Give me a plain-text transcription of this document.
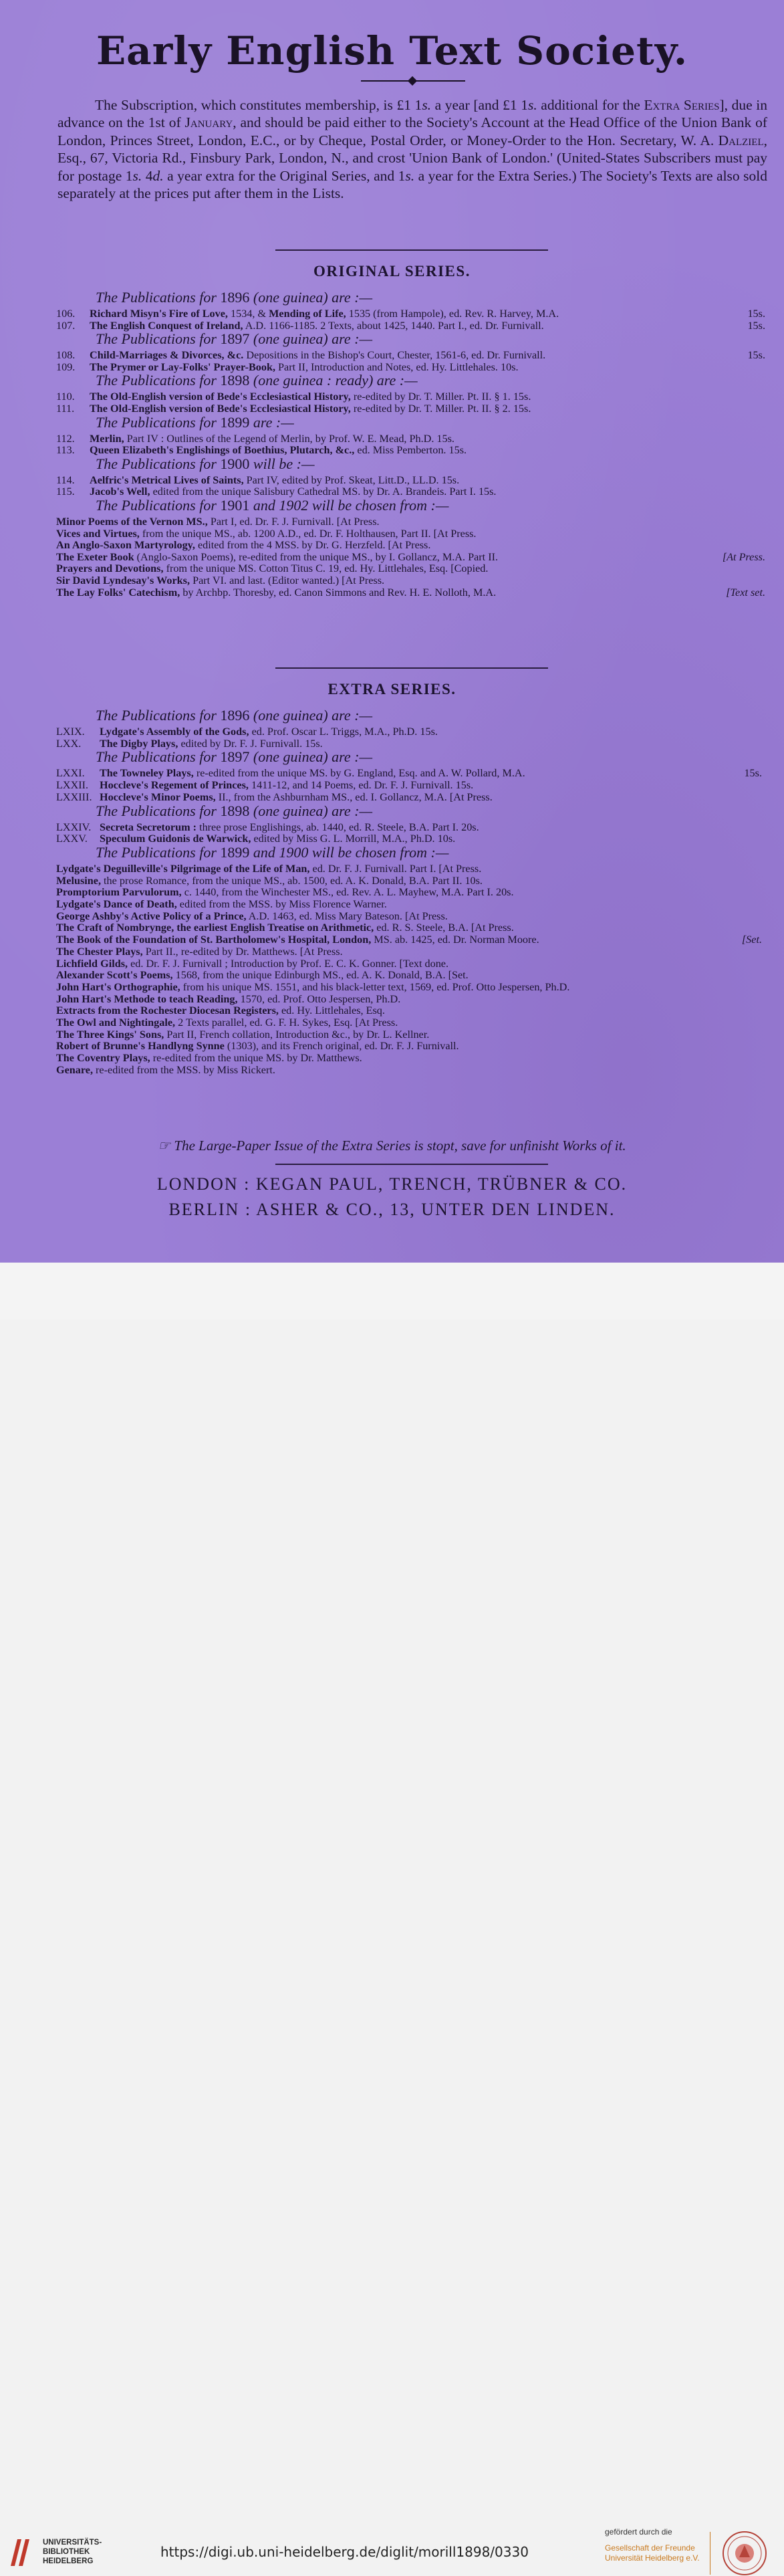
Early English Text Society.
The Subscription, which constitutes membership, is £1 1s. a year [and £1 1s. additional for the Extra Series], due in advance on the 1st of January, and should be paid either to the Society's Account at the Head Office of the Union Bank of London, Princes Street, London, E.C., or by Cheque, Postal Order, or Money-Order to the Hon. Secretary, W. A. Dalziel, Esq., 67, Victoria Rd., Finsbury Park, London, N., and crost 'Union Bank of London.' (United-States Subscribers must pay for postage 1s. 4d. a year extra for the Original Series, and 1s. a year for the Extra Series.) The Society's Texts are also sold separately at the prices put after them in the Lists.
ORIGINAL SERIES.
The Publications for 1896 (one guinea) are :—
106. Richard Misyn's Fire of Love, 1534, & Mending of Life, 1535 (from Hampole), ed. Rev. R. Harvey, M.A.	15s.
107. The English Conquest of Ireland, A.D. 1166-1185. 2 Texts, about 1425, 1440. Part I., ed. Dr. Furnivall.	15s.
The Publications for 1897 (one guinea) are :—
108. Child-Marriages & Divorces, &c. Depositions in the Bishop's Court, Chester, 1561-6, ed. Dr. Furnivall.	15s.
109. The Prymer or Lay-Folks' Prayer-Book, Part II, Introduction and Notes, ed. Hy. Littlehales. 10s.
The Publications for 1898 (one guinea : ready) are :—
110. The Old-English version of Bede's Ecclesiastical History, re-edited by Dr. T. Miller. Pt. II. § 1. 15s.
111. The Old-English version of Bede's Ecclesiastical History, re-edited by Dr. T. Miller. Pt. II. § 2. 15s.
The Publications for 1899 are :—
112. Merlin, Part IV : Outlines of the Legend of Merlin, by Prof. W. E. Mead, Ph.D. 15s.
113. Queen Elizabeth's Englishings of Boethius, Plutarch, &c., ed. Miss Pemberton. 15s.
The Publications for 1900 will be :—
114. Aelfric's Metrical Lives of Saints, Part IV, edited by Prof. Skeat, Litt.D., LL.D. 15s.
115. Jacob's Well, edited from the unique Salisbury Cathedral MS. by Dr. A. Brandeis. Part I. 15s.
The Publications for 1901 and 1902 will be chosen from :—
Minor Poems of the Vernon MS., Part I, ed. Dr. F. J. Furnivall. [At Press.
Vices and Virtues, from the unique MS., ab. 1200 A.D., ed. Dr. F. Holthausen, Part II. [At Press.
An Anglo-Saxon Martyrology, edited from the 4 MSS. by Dr. G. Herzfeld. [At Press.
The Exeter Book (Anglo-Saxon Poems), re-edited from the unique MS., by I. Gollancz, M.A. Part II.	[At Press.
Prayers and Devotions, from the unique MS. Cotton Titus C. 19, ed. Hy. Littlehales, Esq. [Copied.
Sir David Lyndesay's Works, Part VI. and last. (Editor wanted.) [At Press.
The Lay Folks' Catechism, by Archbp. Thoresby, ed. Canon Simmons and Rev. H. E. Nolloth, M.A.	[Text set.
EXTRA SERIES.
The Publications for 1896 (one guinea) are :—
LXIX. Lydgate's Assembly of the Gods, ed. Prof. Oscar L. Triggs, M.A., Ph.D. 15s.
LXX. The Digby Plays, edited by Dr. F. J. Furnivall. 15s.
The Publications for 1897 (one guinea) are :—
LXXI. The Towneley Plays, re-edited from the unique MS. by G. England, Esq. and A. W. Pollard, M.A.	15s.
LXXII. Hoccleve's Regement of Princes, 1411-12, and 14 Poems, ed. Dr. F. J. Furnivall. 15s.
LXXIII. Hoccleve's Minor Poems, II., from the Ashburnham MS., ed. I. Gollancz, M.A. [At Press.
The Publications for 1898 (one guinea) are :—
LXXIV. Secreta Secretorum : three prose Englishings, ab. 1440, ed. R. Steele, B.A. Part I. 20s.
LXXV. Speculum Guidonis de Warwick, edited by Miss G. L. Morrill, M.A., Ph.D. 10s.
The Publications for 1899 and 1900 will be chosen from :—
Lydgate's Deguilleville's Pilgrimage of the Life of Man, ed. Dr. F. J. Furnivall. Part I. [At Press.
Melusine, the prose Romance, from the unique MS., ab. 1500, ed. A. K. Donald, B.A. Part II. 10s.
Promptorium Parvulorum, c. 1440, from the Winchester MS., ed. Rev. A. L. Mayhew, M.A. Part I. 20s.
Lydgate's Dance of Death, edited from the MSS. by Miss Florence Warner.
George Ashby's Active Policy of a Prince, A.D. 1463, ed. Miss Mary Bateson. [At Press.
The Craft of Nombrynge, the earliest English Treatise on Arithmetic, ed. R. S. Steele, B.A. [At Press.
The Book of the Foundation of St. Bartholomew's Hospital, London, MS. ab. 1425, ed. Dr. Norman Moore.	[Set.
The Chester Plays, Part II., re-edited by Dr. Matthews. [At Press.
Lichfield Gilds, ed. Dr. F. J. Furnivall ; Introduction by Prof. E. C. K. Gonner. [Text done.
Alexander Scott's Poems, 1568, from the unique Edinburgh MS., ed. A. K. Donald, B.A. [Set.
John Hart's Orthographie, from his unique MS. 1551, and his black-letter text, 1569, ed. Prof. Otto Jespersen, Ph.D.
John Hart's Methode to teach Reading, 1570, ed. Prof. Otto Jespersen, Ph.D.
Extracts from the Rochester Diocesan Registers, ed. Hy. Littlehales, Esq.
The Owl and Nightingale, 2 Texts parallel, ed. G. F. H. Sykes, Esq. [At Press.
The Three Kings' Sons, Part II, French collation, Introduction &c., by Dr. L. Kellner.
Robert of Brunne's Handlyng Synne (1303), and its French original, ed. Dr. F. J. Furnivall.
The Coventry Plays, re-edited from the unique MS. by Dr. Matthews.
Genare, re-edited from the MSS. by Miss Rickert.
☞ The Large-Paper Issue of the Extra Series is stopt, save for unfinisht Works of it.
LONDON : KEGAN PAUL, TRENCH, TRÜBNER & CO.
BERLIN : ASHER & CO., 13, UNTER DEN LINDEN.
UNIVERSITÄTS-
BIBLIOTHEK
HEIDELBERG
https://digi.ub.uni-heidelberg.de/diglit/morill1898/0330
gefördert durch die
Gesellschaft der Freunde
Universität Heidelberg e.V.
